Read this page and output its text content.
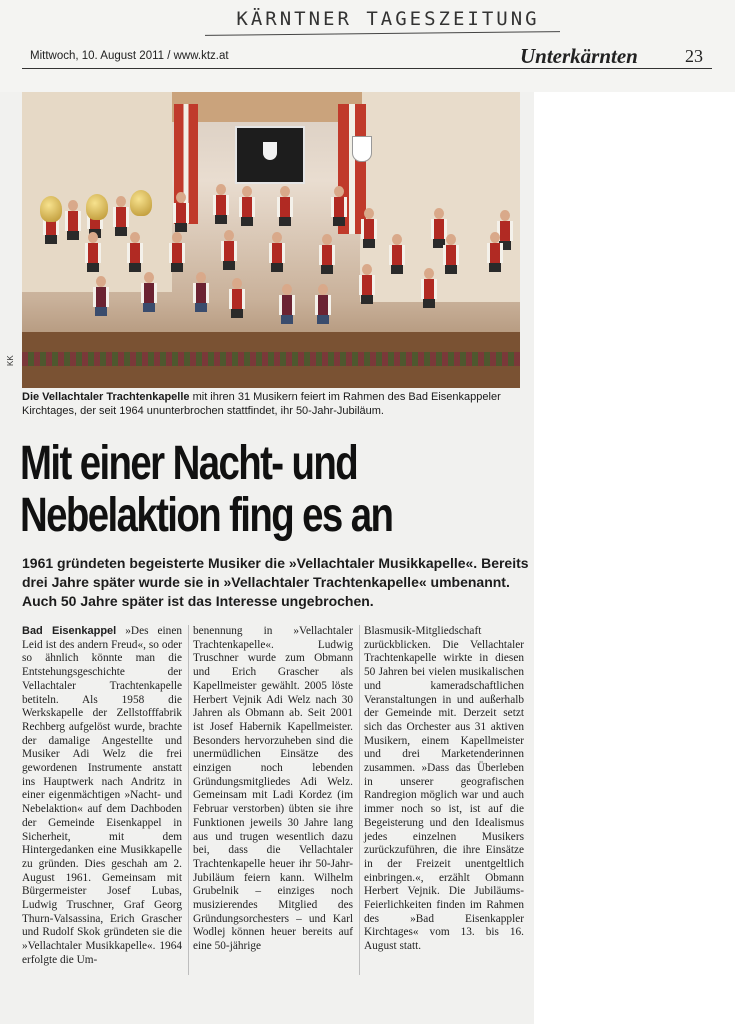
KÄRNTNER TAGESZEITUNG
Mittwoch, 10. August 2011 / www.ktz.at	Unterkärnten	23
KK
Die Vellachtaler Trachtenkapelle mit ihren 31 Musikern feiert im Rahmen des Bad Eisenkappeler Kirchtages, der seit 1964 ununterbrochen stattfindet, ihr 50-Jahr-Jubiläum.
Mit einer Nacht- und
Nebelaktion fing es an
1961 gründeten begeisterte Musiker die »Vellachtaler Musikkapelle«. Bereits drei Jahre später wurde sie in »Vellachtaler Trachtenkapelle« umbenannt. Auch 50 Jahre später ist das Interesse ungebrochen.

Bad Eisenkappel »Des einen Leid ist des andern Freud«, so oder so ähnlich könnte man die Entstehungsgeschichte der Vellachtaler Trachtenkapelle betiteln. Als 1958 die Werkskapelle der Zellstofffabrik Rechberg aufgelöst wurde, brachte der damalige Angestellte und Musiker Adi Welz die frei gewordenen Instrumente anstatt ins Hauptwerk nach Andritz in einer eigenmächtigen »Nacht- und Nebelaktion« auf dem Dachboden der Gemeinde Eisenkappel in Sicherheit, mit dem Hintergedanken eine Musikkapelle zu gründen. Dies geschah am 2. August 1961. Gemeinsam mit Bürgermeister Josef Lubas, Ludwig Truschner, Graf Georg Thurn-Valsassina, Erich Grascher und Rudolf Skok gründeten sie die »Vellachtaler Musikkapelle«. 1964 erfolgte die Um-

benennung in »Vellachtaler Trachtenkapelle«. Ludwig Truschner wurde zum Obmann und Erich Grascher als Kapellmeister gewählt. 2005 löste Herbert Vejnik Adi Welz nach 30 Jahren als Obmann ab. Seit 2001 ist Josef Habernik Kapellmeister. Besonders hervorzuheben sind die unermüdlichen Einsätze des einzigen noch lebenden Gründungsmitgliedes Adi Welz. Gemeinsam mit Ladi Kordez (im Februar verstorben) übten sie ihre Funktionen jeweils 30 Jahre lang aus und trugen wesentlich dazu bei, dass die Vellachtaler Trachtenkapelle heuer ihr 50-Jahr-Jubiläum feiern kann. Wilhelm Grubelnik – einziges noch musizierendes Mitglied des Gründungsorchesters – und Karl Wodlej können heuer bereits auf eine 50-jährige

Blasmusik-Mitgliedschaft zurückblicken. Die Vellachtaler Trachtenkapelle wirkte in diesen 50 Jahren bei vielen musikalischen und kameradschaftlichen Veranstaltungen in und außerhalb der Gemeinde mit. Derzeit setzt sich das Orchester aus 31 aktiven Musikern, einem Kapellmeister und drei Marketenderinnen zusammen. »Dass das Überleben in unserer geografischen Randregion möglich war und auch immer noch so ist, ist auf die Begeisterung und den Idealismus jedes einzelnen Musikers zurückzuführen, die ihre Einsätze in der Freizeit unentgeltlich einbringen.«, erzählt Obmann Herbert Vejnik. Die Jubiläums-Feierlichkeiten finden im Rahmen des »Bad Eisenkappler Kirchtages« vom 13. bis 16. August statt.
